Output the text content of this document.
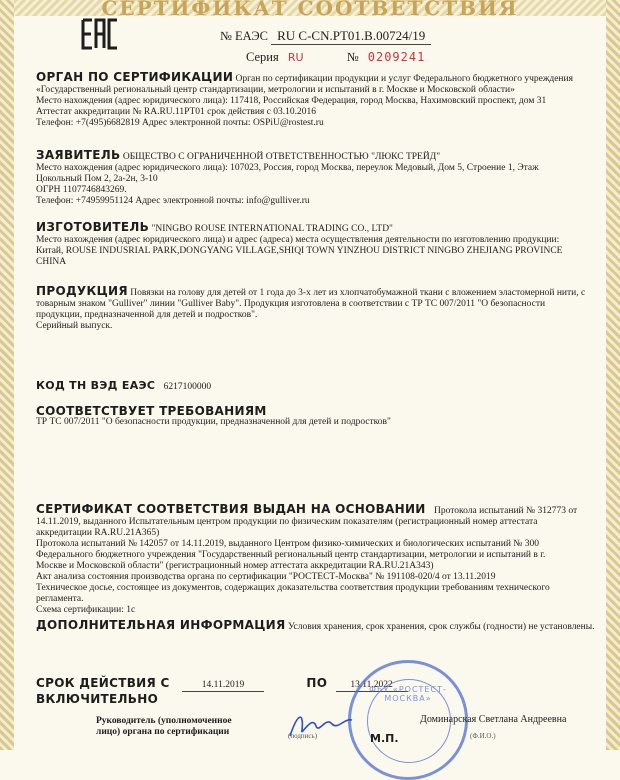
СЕРТИФИКАТ СООТВЕТСТВИЯ
№ ЕАЭС RU С-CN.PT01.B.00724/19
Серия RU	№ 0209241
ОРГАН ПО СЕРТИФИКАЦИИ Орган по сертификации продукции и услуг Федерального бюджетного учреждения
«Государственный региональный центр стандартизации, метрологии и испытаний в г. Москве и Московской области»
Место нахождения (адрес юридического лица): 117418, Российская Федерация, город Москва, Нахимовский проспект, дом 31
Аттестат аккредитации № RA.RU.11PT01 срок действия с 03.10.2016
Телефон: +7(495)6682819 Адрес электронной почты: OSPiU@rostest.ru
ЗАЯВИТЕЛЬ ОБЩЕСТВО С ОГРАНИЧЕННОЙ ОТВЕТСТВЕННОСТЬЮ "ЛЮКС ТРЕЙД"
Место нахождения (адрес юридического лица): 107023, Россия, город Москва, переулок Медовый, Дом 5, Строение 1, Этаж
Цокольный Пом 2, 2а-2н, 3-10
ОГРН 1107746843269.
Телефон: +74959951124 Адрес электронной почты: info@gulliver.ru
ИЗГОТОВИТЕЛЬ "NINGBO ROUSE INTERNATIONAL TRADING CO., LTD"
Место нахождения (адрес юридического лица) и адрес (адреса) места осуществления деятельности по изготовлению продукции:
Китай, ROUSE INDUSRIAL PARK,DONGYANG VILLAGE,SHIQI TOWN YINZHOU DISTRICT NINGBO ZHEJIANG PROVINCE
CHINA
ПРОДУКЦИЯ Повязки на голову для детей от 1 года до 3-х лет из хлопчатобумажной ткани с вложением эластомерной нити, с
товарным знаком "Gulliver" линии "Gulliver Baby". Продукция изготовлена в соответствии с ТР ТС 007/2011 "О безопасности
продукции, предназначенной для детей и подростков".
Серийный выпуск.
КОД ТН ВЭД ЕАЭС 6217100000
СООТВЕТСТВУЕТ ТРЕБОВАНИЯМ
ТР ТС 007/2011 "О безопасности продукции, предназначенной для детей и подростков"
СЕРТИФИКАТ СООТВЕТСТВИЯ ВЫДАН НА ОСНОВАНИИ Протокола испытаний № 312773 от
14.11.2019, выданного Испытательным центром продукции по физическим показателям (регистрационный номер аттестата
аккредитации RA.RU.21A365)
Протокола испытаний № 142057 от 14.11.2019, выданного Центром физико-химических и биологических испытаний № 300
Федерального бюджетного учреждения "Государственный региональный центр стандартизации, метрологии и испытаний в г.
Москве и Московской области" (регистрационный номер аттестата аккредитации RA.RU.21A343)
Акт анализа состояния производства органа по сертификации "РОСТЕСТ-Москва" № 191108-020/4 от 13.11.2019
Техническое досье, состоящее из документов, содержащих доказательства соответствия продукции требованиям технического
регламента.
Схема сертификации: 1с
ДОПОЛНИТЕЛЬНАЯ ИНФОРМАЦИЯ Условия хранения, срок хранения, срок службы (годности) не установлены.
СРОК ДЕЙСТВИЯ С	14.11.2019	ПО 13.11.2022
ВКЛЮЧИТЕЛЬНО
Руководитель (уполномоченное
лицо) органа по сертификации
ФБУ «РОСТЕСТ-МОСКВА»
(подпись)	М.П.
Доминарская Светлана Андреевна
(Ф.И.О.)
